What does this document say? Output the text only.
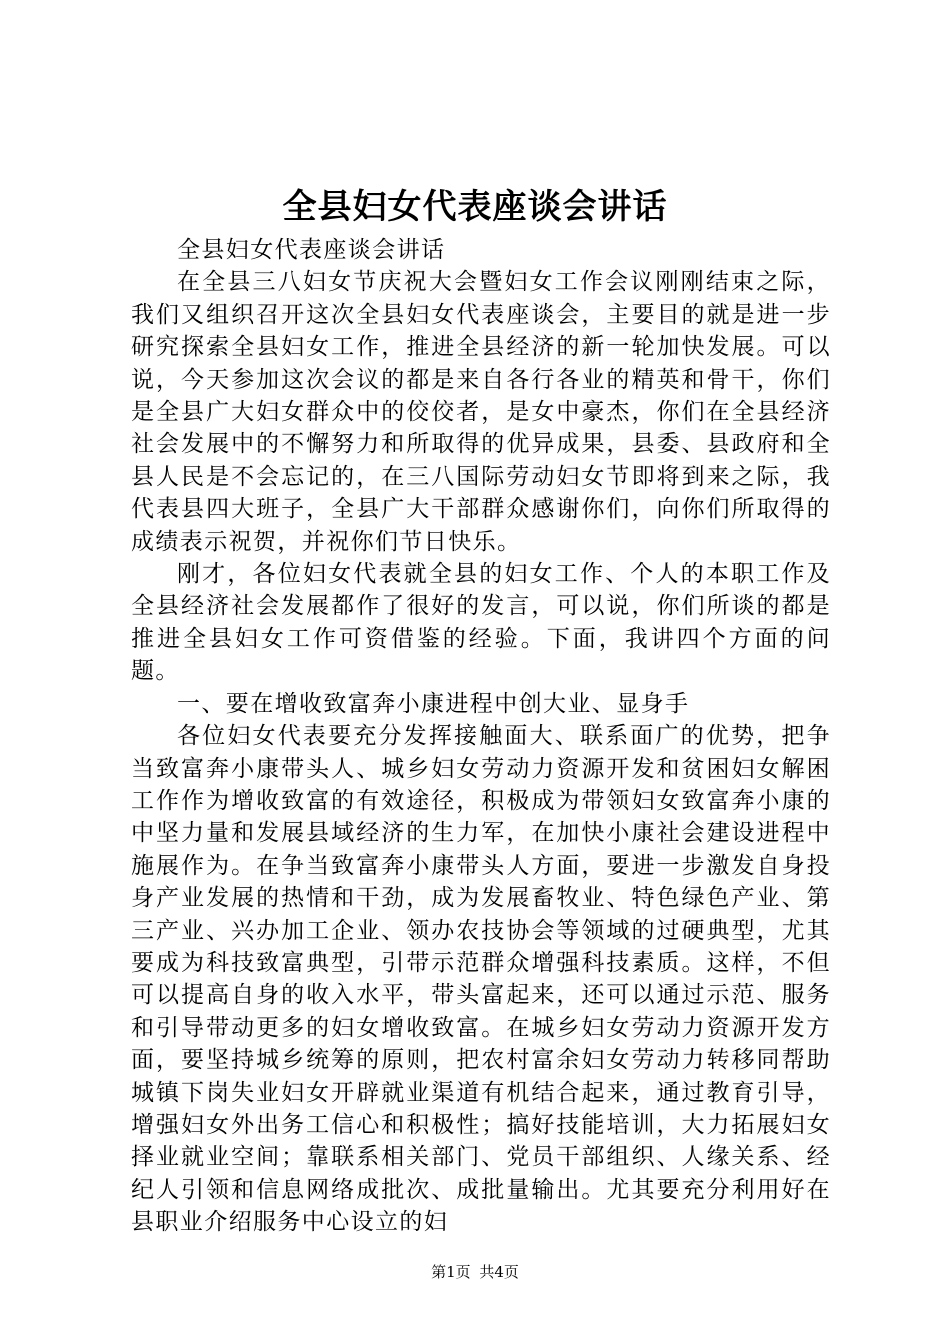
全县妇女代表座谈会讲话

全县妇女代表座谈会讲话

在全县三八妇女节庆祝大会暨妇女工作会议刚刚结束之际，我们又组织召开这次全县妇女代表座谈会，主要目的就是进一步研究探索全县妇女工作，推进全县经济的新一轮加快发展。可以说，今天参加这次会议的都是来自各行各业的精英和骨干，你们是全县广大妇女群众中的佼佼者，是女中豪杰，你们在全县经济社会发展中的不懈努力和所取得的优异成果，县委、县政府和全县人民是不会忘记的，在三八国际劳动妇女节即将到来之际，我代表县四大班子，全县广大干部群众感谢你们，向你们所取得的成绩表示祝贺，并祝你们节日快乐。

刚才，各位妇女代表就全县的妇女工作、个人的本职工作及全县经济社会发展都作了很好的发言，可以说，你们所谈的都是推进全县妇女工作可资借鉴的经验。下面，我讲四个方面的问题。

一、要在增收致富奔小康进程中创大业、显身手

各位妇女代表要充分发挥接触面大、联系面广的优势，把争当致富奔小康带头人、城乡妇女劳动力资源开发和贫困妇女解困工作作为增收致富的有效途径，积极成为带领妇女致富奔小康的中坚力量和发展县域经济的生力军，在加快小康社会建设进程中施展作为。在争当致富奔小康带头人方面，要进一步激发自身投身产业发展的热情和干劲，成为发展畜牧业、特色绿色产业、第三产业、兴办加工企业、领办农技协会等领域的过硬典型，尤其要成为科技致富典型，引带示范群众增强科技素质。这样，不但可以提高自身的收入水平，带头富起来，还可以通过示范、服务和引导带动更多的妇女增收致富。在城乡妇女劳动力资源开发方面，要坚持城乡统筹的原则，把农村富余妇女劳动力转移同帮助城镇下岗失业妇女开辟就业渠道有机结合起来，通过教育引导，增强妇女外出务工信心和积极性；搞好技能培训，大力拓展妇女择业就业空间；靠联系相关部门、党员干部组织、人缘关系、经纪人引领和信息网络成批次、成批量输出。尤其要充分利用好在县职业介绍服务中心设立的妇

第1页 共4页
